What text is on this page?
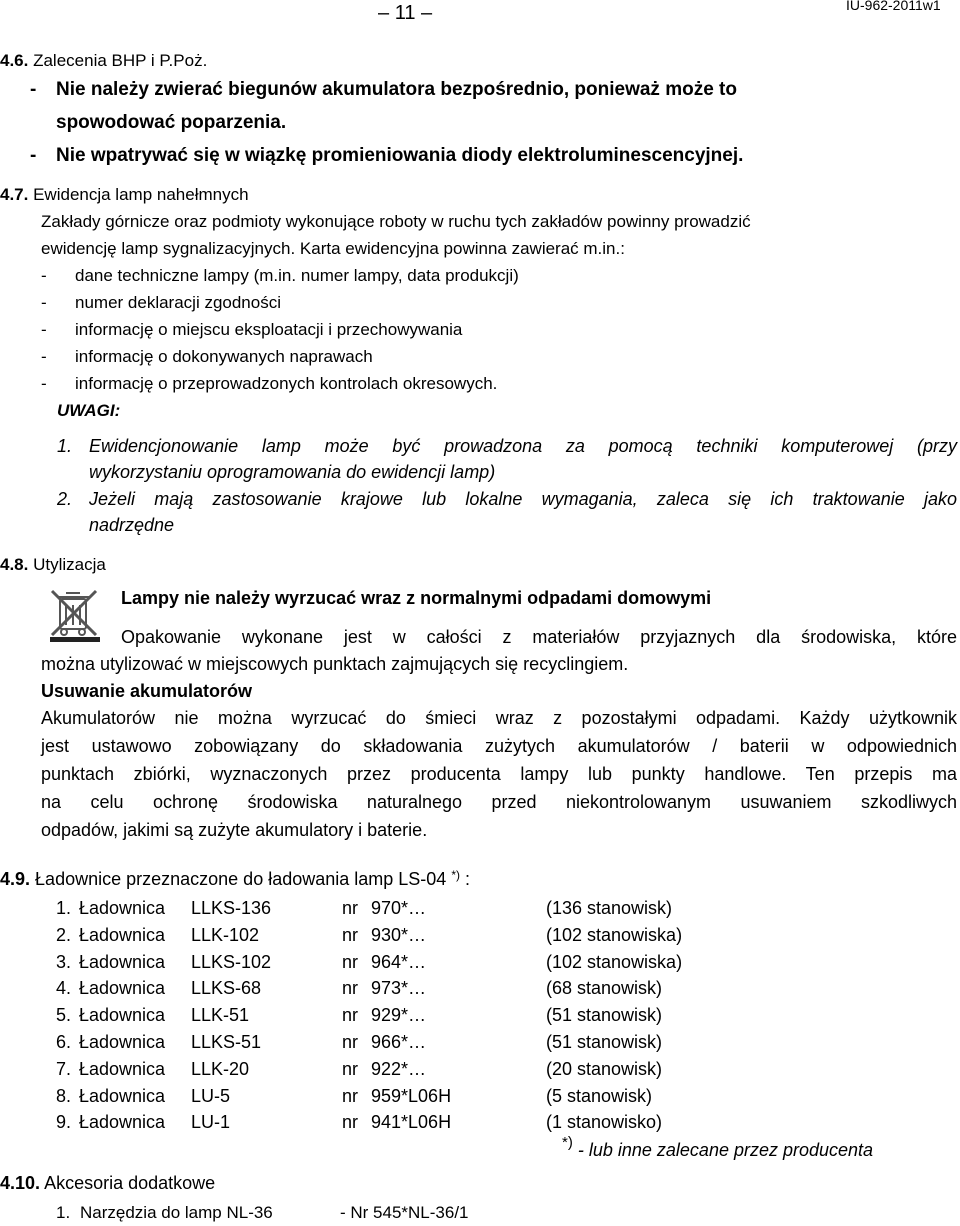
– 11 –	IU-962-2011w1
4.6. Zalecenia BHP i P.Poż.
- Nie należy zwierać biegunów akumulatora bezpośrednio, ponieważ może to
spowodować poparzenia.
- Nie wpatrywać się w wiązkę promieniowania diody elektroluminescencyjnej.
4.7. Ewidencja lamp nahełmnych
Zakłady górnicze oraz podmioty wykonujące roboty w ruchu tych zakładów powinny prowadzić
ewidencję lamp sygnalizacyjnych. Karta ewidencyjna powinna zawierać m.in.:
- dane techniczne lampy (m.in. numer lampy, data produkcji)
- numer deklaracji zgodności
- informację o miejscu eksploatacji i przechowywania
- informację o dokonywanych naprawach
- informację o przeprowadzonych kontrolach okresowych.
UWAGI:
1. Ewidencjonowanie lamp może być prowadzona za pomocą techniki komputerowej (przy
wykorzystaniu oprogramowania do ewidencji lamp)
2. Jeżeli mają zastosowanie krajowe lub lokalne wymagania, zaleca się ich traktowanie jako
nadrzędne
4.8. Utylizacja
Lampy nie należy wyrzucać wraz z normalnymi odpadami domowymi
Opakowanie wykonane jest w całości z materiałów przyjaznych dla środowiska, które
można utylizować w miejscowych punktach zajmujących się recyclingiem.
Usuwanie akumulatorów
Akumulatorów nie można wyrzucać do śmieci wraz z pozostałymi odpadami. Każdy użytkownik
jest ustawowo zobowiązany do składowania zużytych akumulatorów / baterii w odpowiednich
punktach zbiórki, wyznaczonych przez producenta lampy lub punkty handlowe. Ten przepis ma
na celu ochronę środowiska naturalnego przed niekontrolowanym usuwaniem szkodliwych
odpadów, jakimi są zużyte akumulatory i baterie.
4.9. Ładownice przeznaczone do ładowania lamp LS-04 *) :
1. Ładownica LLKS-136	nr 970*…	(136 stanowisk)
2. Ładownica LLK-102	nr 930*…	(102 stanowiska)
3. Ładownica LLKS-102	nr 964*…	(102 stanowiska)
4. Ładownica LLKS-68	nr 973*…	(68 stanowisk)
5. Ładownica LLK-51	nr 929*…	(51 stanowisk)
6. Ładownica LLKS-51	nr 966*…	(51 stanowisk)
7. Ładownica LLK-20	nr 922*…	(20 stanowisk)
8. Ładownica LU-5	nr 959*L06H	(5 stanowisk)
9. Ładownica LU-1	nr 941*L06H	(1 stanowisko)
*) - lub inne zalecane przez producenta
4.10. Akcesoria dodatkowe
1. Narzędzia do lamp NL-36	- Nr 545*NL-36/1
